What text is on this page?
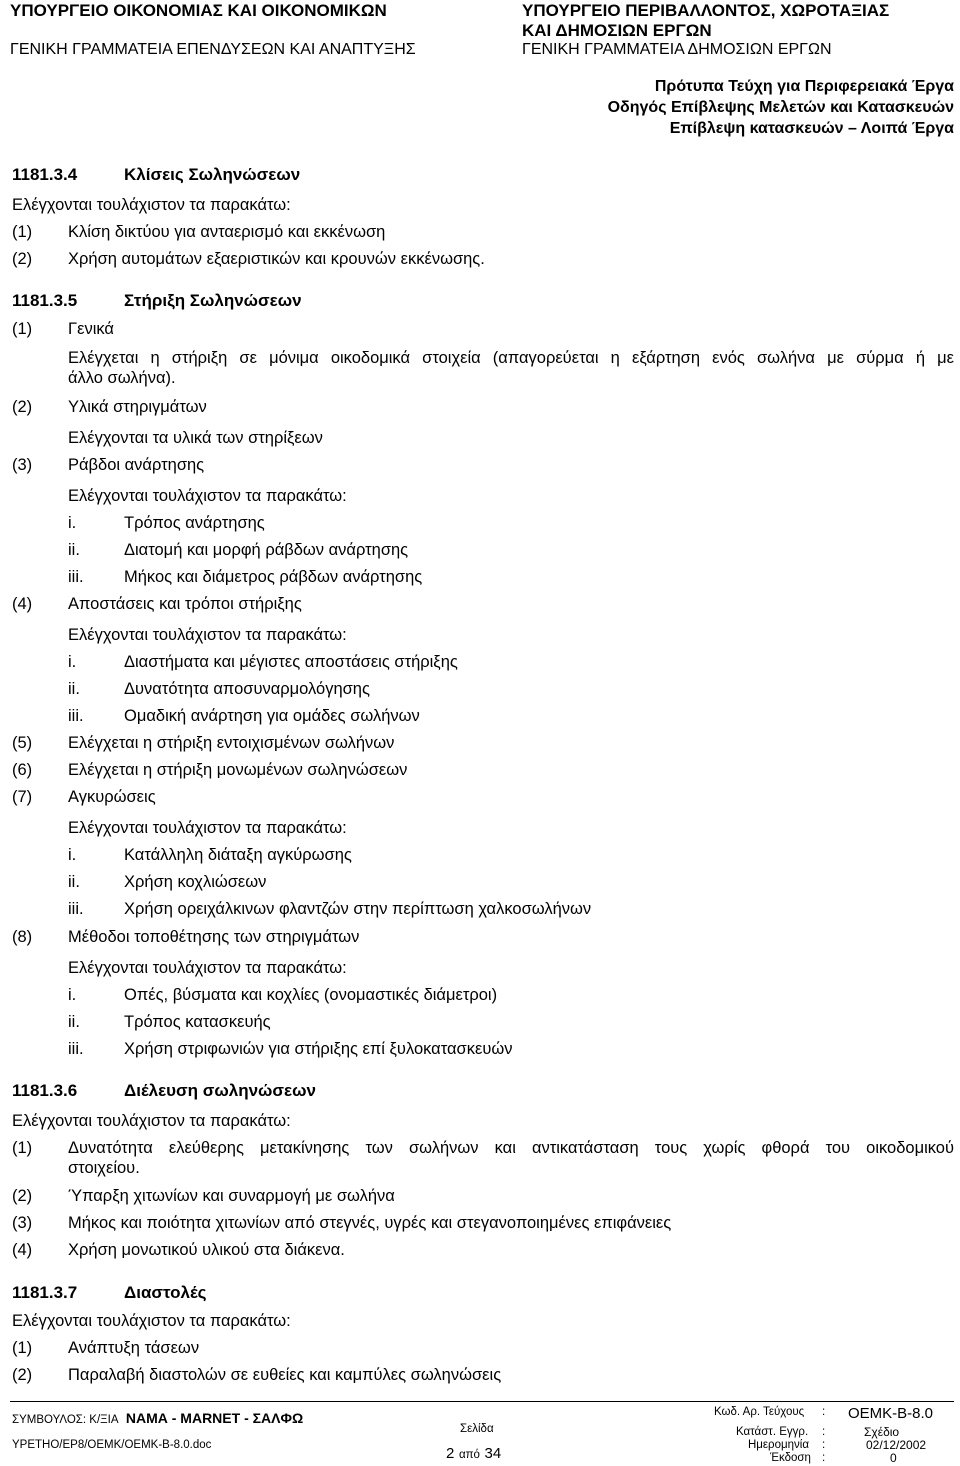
ΥΠΟΥΡΓΕΙΟ ΟΙΚΟΝΟΜΙΑΣ ΚΑΙ ΟΙΚΟΝΟΜΙΚΩΝ
ΓΕΝΙΚΗ ΓΡΑΜΜΑΤΕΙΑ ΕΠΕΝΔΥΣΕΩΝ ΚΑΙ ΑΝΑΠΤΥΞΗΣ
ΥΠΟΥΡΓΕΙΟ ΠΕΡΙΒΑΛΛΟΝΤΟΣ, ΧΩΡΟΤΑΞΙΑΣ
ΚΑΙ ΔΗΜΟΣΙΩΝ ΕΡΓΩΝ
ΓΕΝΙΚΗ ΓΡΑΜΜΑΤΕΙΑ ΔΗΜΟΣΙΩΝ ΕΡΓΩΝ
Πρότυπα Τεύχη για Περιφερειακά Έργα
Οδηγός Επίβλεψης Μελετών και Κατασκευών
Επίβλεψη κατασκευών – Λοιπά Έργα
1181.3.4	Κλίσεις Σωληνώσεων
Ελέγχονται τουλάχιστον τα παρακάτω:
(1) Κλίση δικτύου για ανταερισμό και εκκένωση
(2) Χρήση αυτομάτων εξαεριστικών και κρουνών εκκένωσης.
1181.3.5	Στήριξη Σωληνώσεων
(1) Γενικά
Ελέγχεται η στήριξη σε μόνιμα οικοδομικά στοιχεία (απαγορεύεται η εξάρτηση ενός σωλήνα με σύρμα ή με
άλλο σωλήνα).
(2) Υλικά στηριγμάτων
Ελέγχονται τα υλικά των στηρίξεων
(3) Ράβδοι ανάρτησης
Ελέγχονται τουλάχιστον τα παρακάτω:
i.	Τρόπος ανάρτησης
ii.	Διατομή και μορφή ράβδων ανάρτησης
iii. Μήκος και διάμετρος ράβδων ανάρτησης
(4) Αποστάσεις και τρόποι στήριξης
Ελέγχονται τουλάχιστον τα παρακάτω:
i.	Διαστήματα και μέγιστες αποστάσεις στήριξης
ii.	Δυνατότητα αποσυναρμολόγησης
iii. Ομαδική ανάρτηση για ομάδες σωλήνων
(5) Ελέγχεται η στήριξη εντοιχισμένων σωλήνων
(6) Ελέγχεται η στήριξη μονωμένων σωληνώσεων
(7) Αγκυρώσεις
Ελέγχονται τουλάχιστον τα παρακάτω:
i.	Κατάλληλη διάταξη αγκύρωσης
ii.	Χρήση κοχλιώσεων
iii. Χρήση ορειχάλκινων φλαντζών στην περίπτωση χαλκοσωλήνων
(8) Μέθοδοι τοποθέτησης των στηριγμάτων
Ελέγχονται τουλάχιστον τα παρακάτω:
i.	Οπές, βύσματα και κοχλίες (ονομαστικές διάμετροι)
ii.	Τρόπος κατασκευής
iii. Χρήση στριφωνιών για στήριξης επί ξυλοκατασκευών
1181.3.6	Διέλευση σωληνώσεων
Ελέγχονται τουλάχιστον τα παρακάτω:
(1) Δυνατότητα ελεύθερης μετακίνησης των σωλήνων και αντικατάσταση τους χωρίς φθορά του οικοδομικού
στοιχείου.
(2) Ύπαρξη χιτωνίων και συναρμογή με σωλήνα
(3) Μήκος και ποιότητα χιτωνίων από στεγνές, υγρές και στεγανοποιημένες επιφάνειες
(4) Χρήση μονωτικού υλικού στα διάκενα.
1181.3.7	Διαστολές
Ελέγχονται τουλάχιστον τα παρακάτω:
(1) Ανάπτυξη τάσεων
(2) Παραλαβή διαστολών σε ευθείες και καμπύλες σωληνώσεις
ΣΥΜΒΟΥΛΟΣ: Κ/ΞΙΑ ΝΑΜΑ - MARNET - ΣΑΛΦΩ
ΥΡΕΤΗΟ/ΕΡ8/ΟΕΜΚ/ΟΕΜΚ-Β-8.0.doc
Σελίδα
2 από 34
Κωδ. Αρ. Τεύχους : ΟΕΜΚ-Β-8.0
Κατάστ. Εγγρ. :	Σχέδιο
Ημερομηνία :	02/12/2002
Έκδοση :	0
